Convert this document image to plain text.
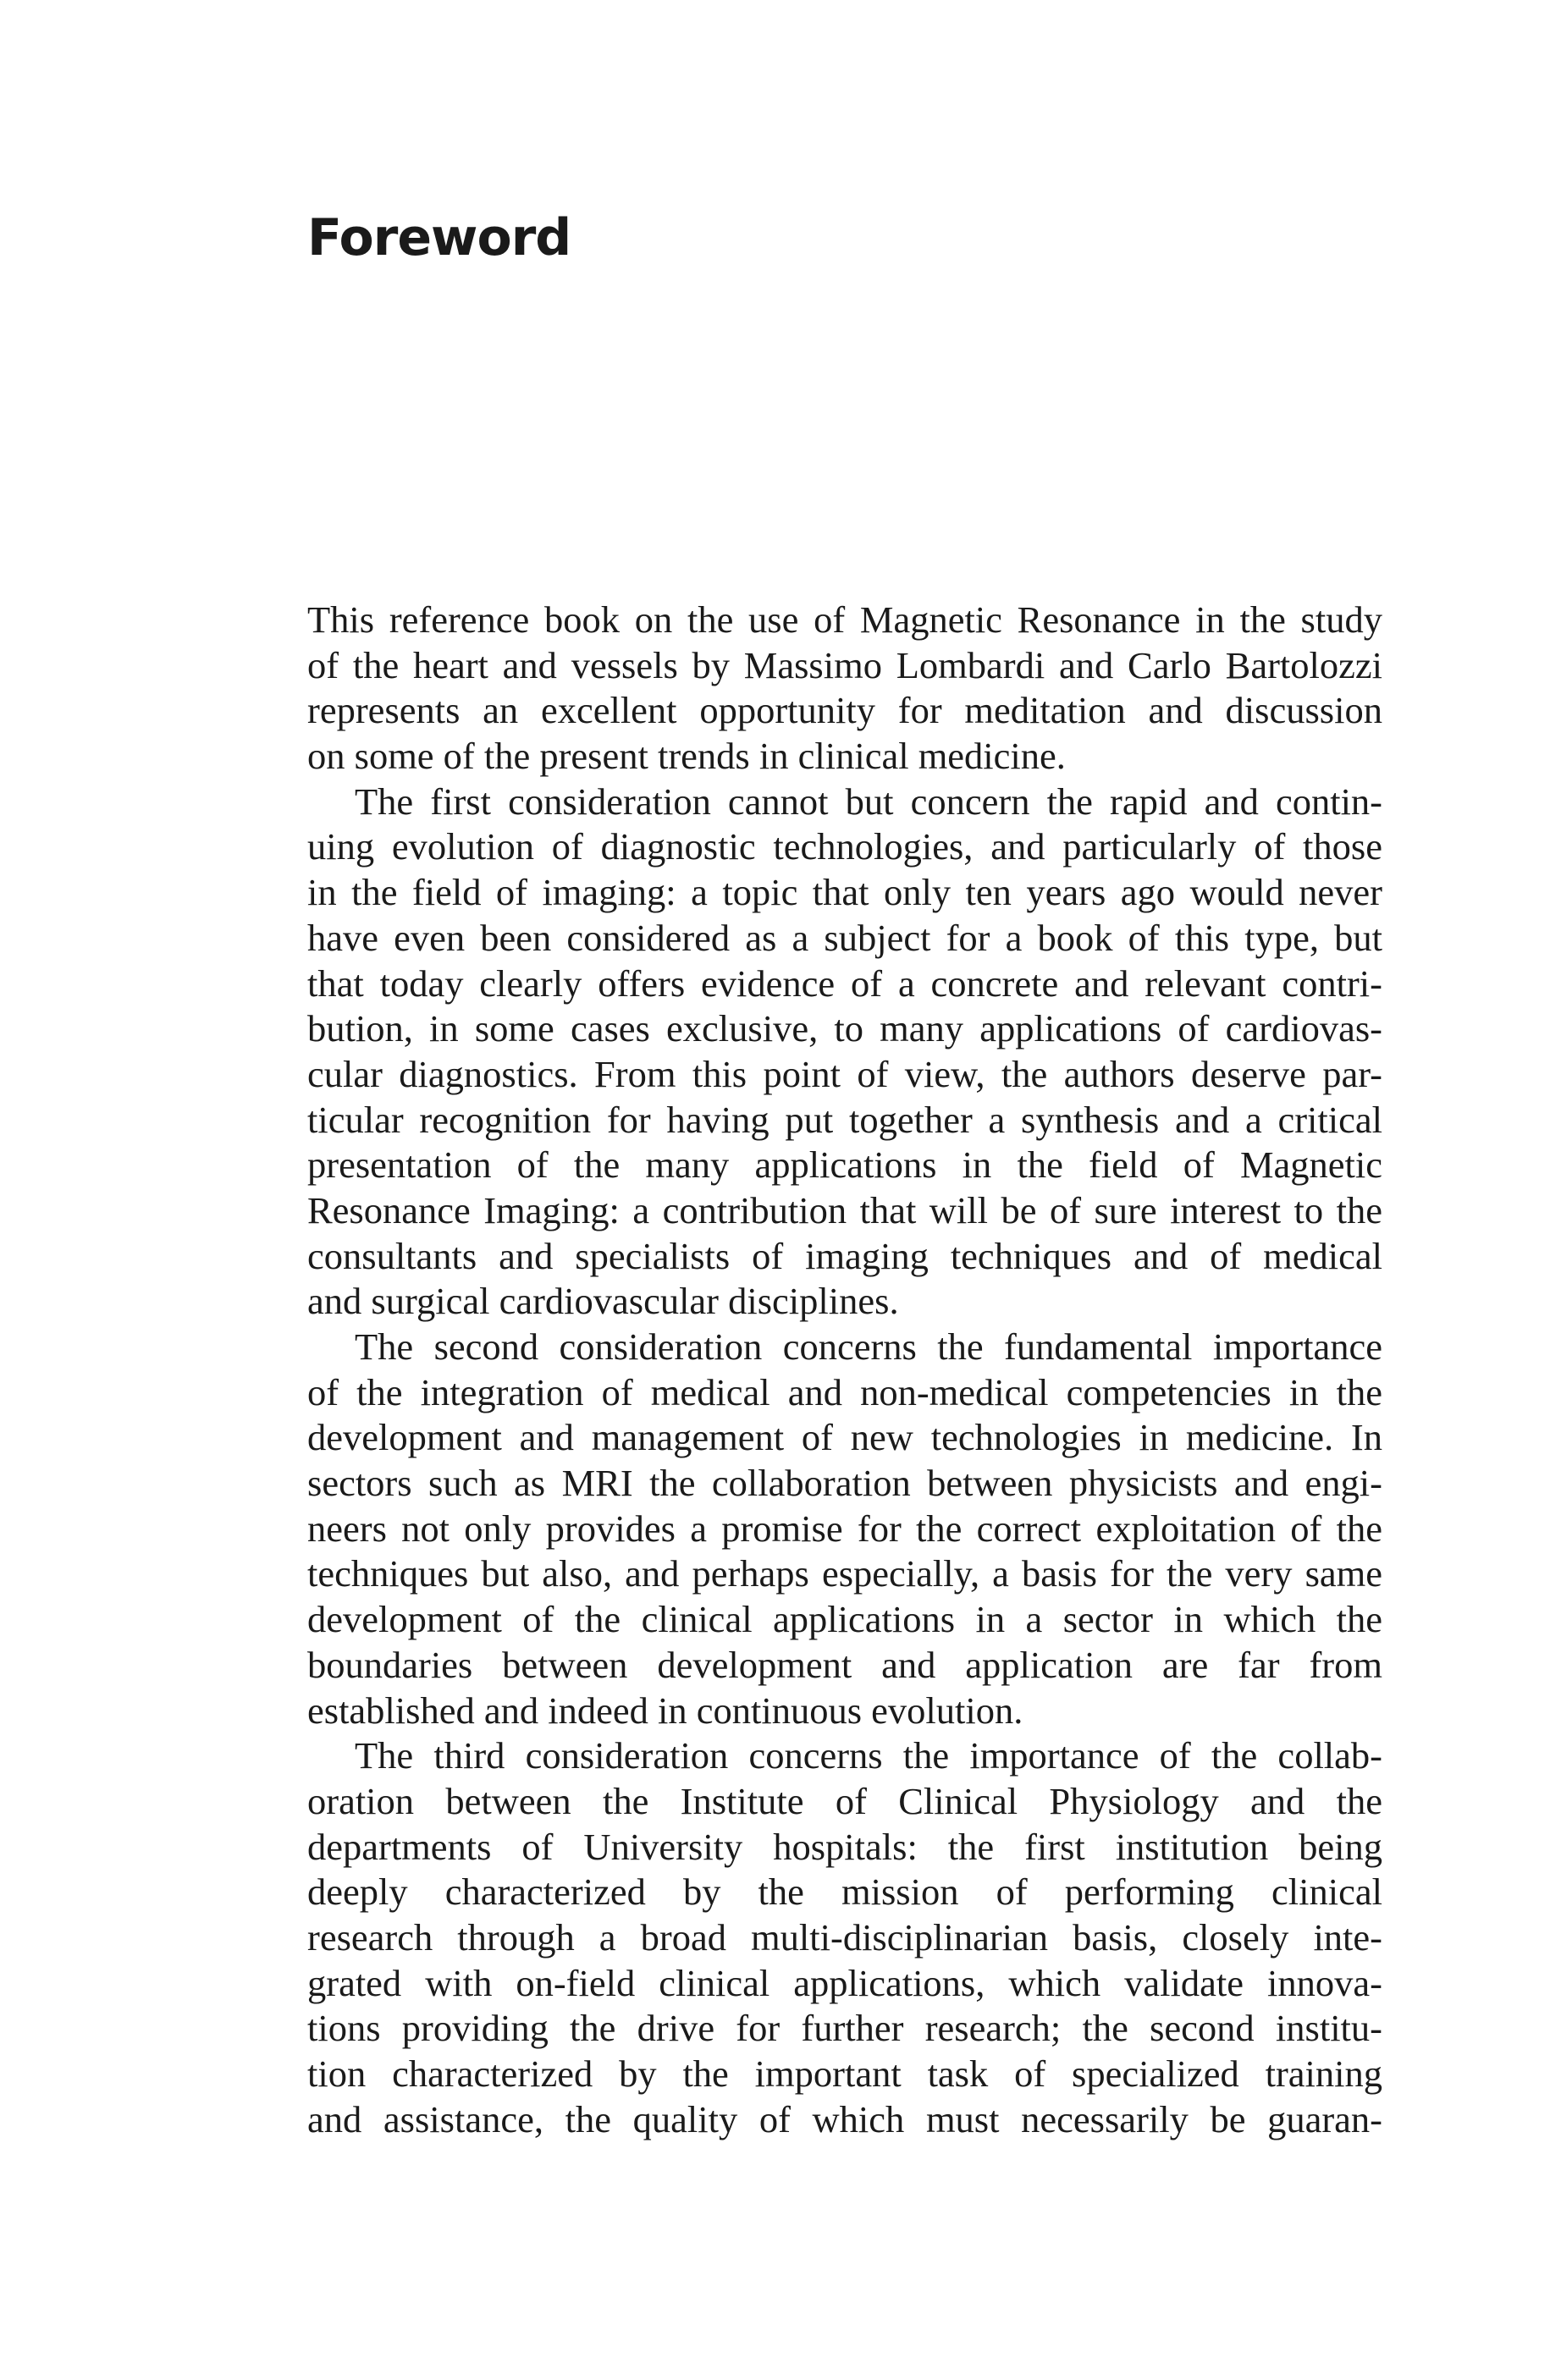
Foreword
This reference book on the use of Magnetic Resonance in the study
of the heart and vessels by Massimo Lombardi and Carlo Bartolozzi
represents an excellent opportunity for meditation and discussion
on some of the present trends in clinical medicine.
The first consideration cannot but concern the rapid and contin-
uing evolution of diagnostic technologies, and particularly of those
in the field of imaging: a topic that only ten years ago would never
have even been considered as a subject for a book of this type, but
that today clearly offers evidence of a concrete and relevant contri-
bution, in some cases exclusive, to many applications of cardiovas-
cular diagnostics. From this point of view, the authors deserve par-
ticular recognition for having put together a synthesis and a critical
presentation of the many applications in the field of Magnetic
Resonance Imaging: a contribution that will be of sure interest to the
consultants and specialists of imaging techniques and of medical
and surgical cardiovascular disciplines.
The second consideration concerns the fundamental importance
of the integration of medical and non-medical competencies in the
development and management of new technologies in medicine. In
sectors such as MRI the collaboration between physicists and engi-
neers not only provides a promise for the correct exploitation of the
techniques but also, and perhaps especially, a basis for the very same
development of the clinical applications in a sector in which the
boundaries between development and application are far from
established and indeed in continuous evolution.
The third consideration concerns the importance of the collab-
oration between the Institute of Clinical Physiology and the
departments of University hospitals: the first institution being
deeply characterized by the mission of performing clinical
research through a broad multi-disciplinarian basis, closely inte-
grated with on-field clinical applications, which validate innova-
tions providing the drive for further research; the second institu-
tion characterized by the important task of specialized training
and assistance, the quality of which must necessarily be guaran-
